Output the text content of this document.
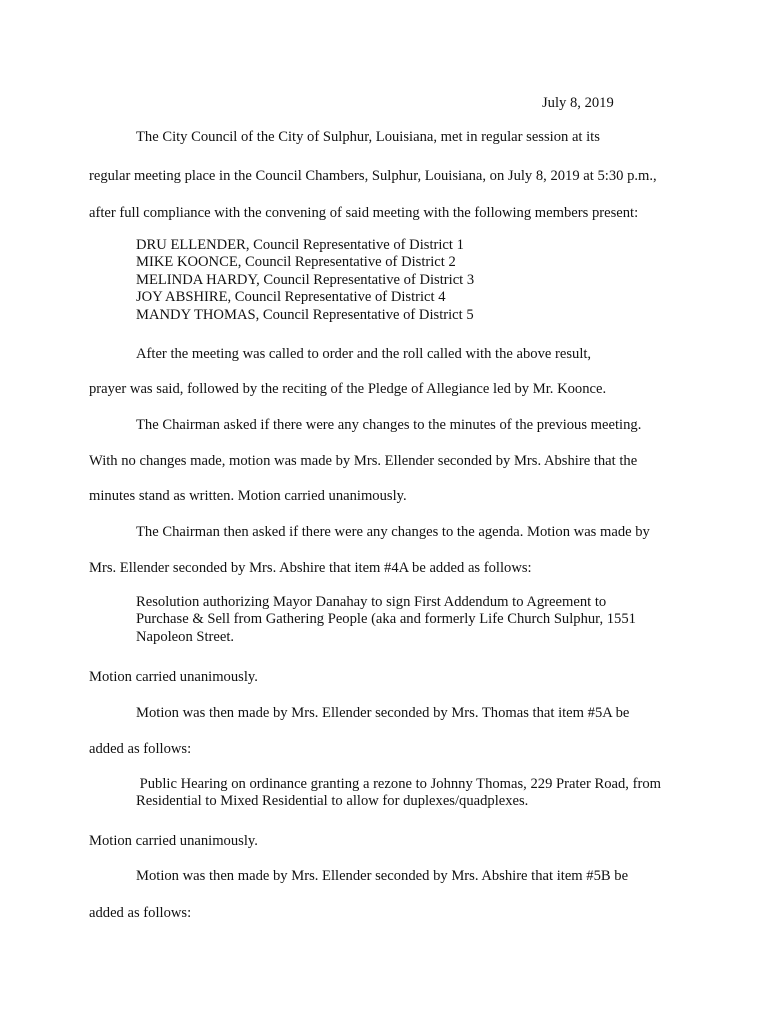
July 8, 2019
The City Council of the City of Sulphur, Louisiana, met in regular session at its
regular meeting place in the Council Chambers, Sulphur, Louisiana, on July 8, 2019 at 5:30 p.m.,
after full compliance with the convening of said meeting with the following members present:
DRU ELLENDER, Council Representative of District 1
MIKE KOONCE, Council Representative of District 2
MELINDA HARDY, Council Representative of District 3
JOY ABSHIRE, Council Representative of District 4
MANDY THOMAS, Council Representative of District 5
After the meeting was called to order and the roll called with the above result,
prayer was said, followed by the reciting of the Pledge of Allegiance led by Mr. Koonce.
The Chairman asked if there were any changes to the minutes of the previous meeting.
With no changes made, motion was made by Mrs. Ellender seconded by Mrs. Abshire that the
minutes stand as written. Motion carried unanimously.
The Chairman then asked if there were any changes to the agenda. Motion was made by
Mrs. Ellender seconded by Mrs. Abshire that item #4A be added as follows:
Resolution authorizing Mayor Danahay to sign First Addendum to Agreement to
Purchase & Sell from Gathering People (aka and formerly Life Church Sulphur, 1551
Napoleon Street.
Motion carried unanimously.
Motion was then made by Mrs. Ellender seconded by Mrs. Thomas that item #5A be
added as follows:
Public Hearing on ordinance granting a rezone to Johnny Thomas, 229 Prater Road, from
Residential to Mixed Residential to allow for duplexes/quadplexes.
Motion carried unanimously.
Motion was then made by Mrs. Ellender seconded by Mrs. Abshire that item #5B be
added as follows:
